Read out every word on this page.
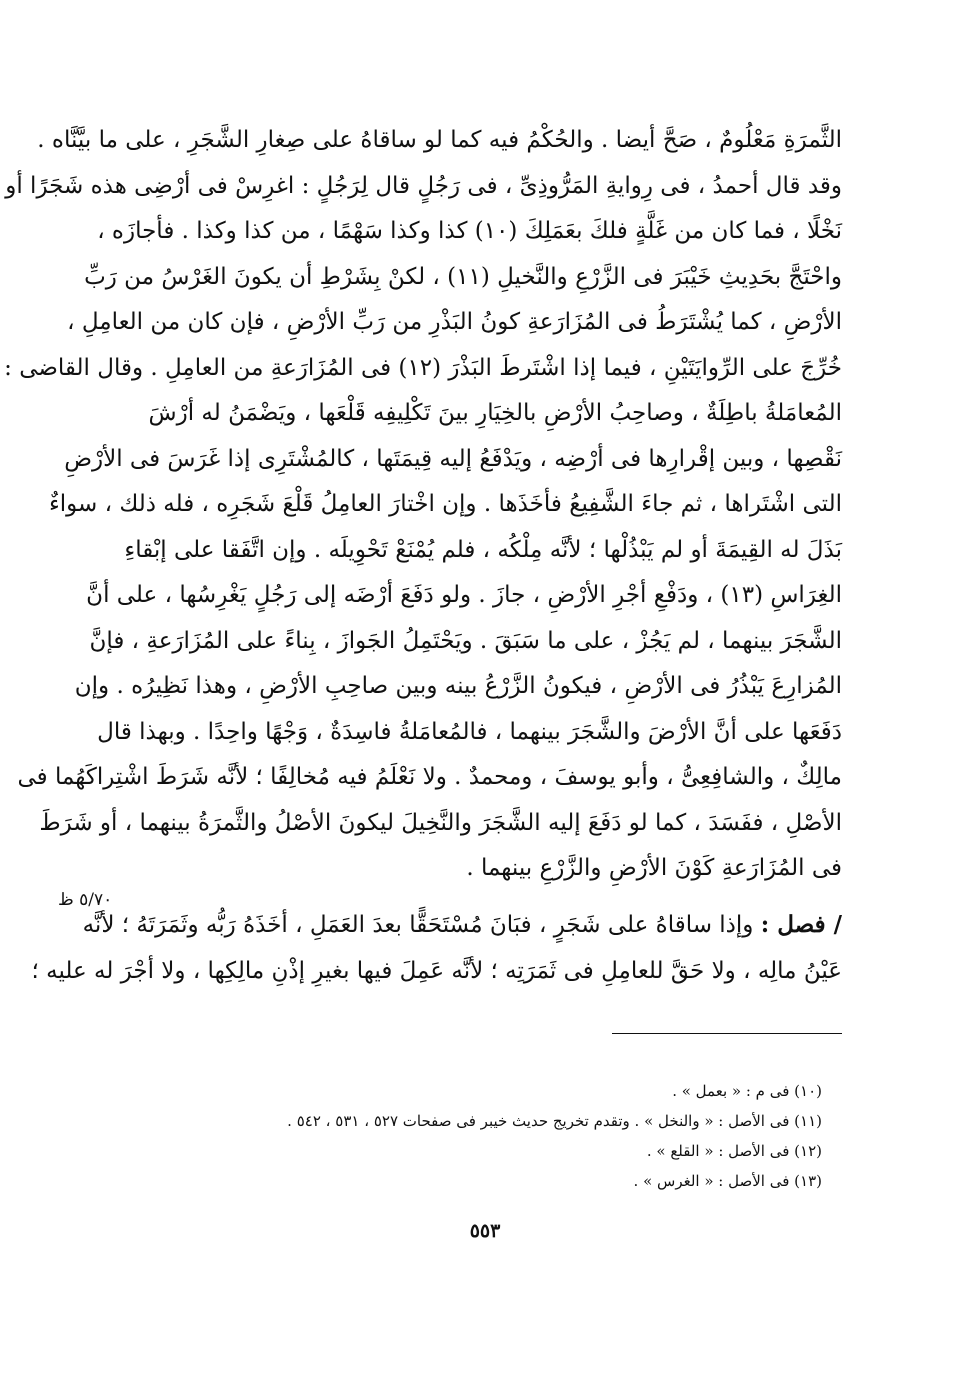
الثَّمرَةِ مَعْلُومٌ ، صَحَّ أيضا . والحُكْمُ فيه كما لو ساقاهُ على صِغارِ الشَّجَرِ ، على ما بيَّنَّاه .
وقد قال أحمدُ ، فى رِوايةِ المَرُّوذِىِّ ، فى رَجُلٍ قال لِرَجُلٍ : اغرِسْ فى أرْضِى هذه شَجَرًا أو
نَخْلًا ، فما كان من غَلَّةٍ فلكَ بعَمَلِكَ (١٠) كذا وكذا سَهْمًا ، من كذا وكذا . فأجازَه ،
واحْتَجَّ بحَدِيثِ خَيْبَرَ فى الزَّرْعِ والنَّخيلِ (١١) ، لكنْ بِشَرْطِ أن يكونَ الغَرْسُ من رَبِّ
الأرْضِ ، كما يُشْتَرَطُ فى المُزَارَعةِ كونُ البَذْرِ من رَبِّ الأرْضِ ، فإن كان من العامِلِ ،
خُرِّجَ على الرِّوايَتَيْنِ ، فيما إذا اشْتَرطَ البَذْرَ (١٢) فى المُزَارَعةِ من العامِلِ . وقال القاضى :
المُعامَلةُ باطِلَةٌ ، وصاحِبُ الأرْضِ بالخِيَارِ بينَ تَكْلِيفِه قَلْعَها ، ويَضْمَنُ له أرْشَ
نَقْصِها ، وبين إقْرارِها فى أرْضِه ، ويَدْفَعُ إليه قِيمَتَها ، كالمُشْتَرِى إذا غَرَسَ فى الأرْضِ
التى اشْتَراها ، ثم جاءَ الشَّفِيعُ فأخَذَها . وإن اخْتارَ العامِلُ قَلْعَ شَجَرِه ، فله ذلك ، سواءٌ
بَذَلَ له القِيمَةَ أو لم يَبْذُلْها ؛ لأنَّه مِلْكُه ، فلم يُمْنَعْ تَحْوِيلَه . وإن اتَّفَقا على إبْقاءِ
الغِرَاسِ (١٣) ، ودَفْعِ أجْرِ الأرْضِ ، جازَ . ولو دَفَعَ أرْضَه إلى رَجُلٍ يَغْرِسُها ، على أنَّ
الشَّجَرَ بينهما ، لم يَجُزْ ، على ما سَبَقَ . ويَحْتَمِلُ الجَوازَ ، بِناءً على المُزَارَعةِ ، فإنَّ
المُزارِعَ يَبْذُرُ فى الأرْضِ ، فيكونُ الزَّرْعُ بينه وبين صاحِبِ الأرْضِ ، وهذا نَظِيرُه . وإن
دَفَعَها على أنَّ الأرْضَ والشَّجَرَ بينهما ، فالمُعامَلةُ فاسِدَةٌ ، وَجْهًا واحِدًا . وبهذا قال
مالِكٌ ، والشافِعِىُّ ، وأبو يوسفَ ، ومحمدٌ . ولا نَعْلَمُ فيه مُخالِفًا ؛ لأنَّه شَرَطَ اشْتِراكَهُما فى
الأصْلِ ، ففَسَدَ ، كما لو دَفَعَ إليه الشَّجَرَ والنَّخِيلَ ليكونَ الأصْلُ والثَّمرَةُ بينهما ، أو شَرَطَ
فى المُزَارَعةِ كَوْنَ الأرْضِ والزَّرْعِ بينهما .
٥/٧٠ ظ
/ فصل : وإذا ساقاهُ على شَجَرٍ ، فبَانَ مُسْتَحَقًّا بعدَ العَمَلِ ، أخَذَهُ رَبُّه وثَمَرَتَهُ ؛ لأنَّه
عَيْنُ مالِه ، ولا حَقَّ للعامِلِ فى ثَمَرَتِه ؛ لأنَّه عَمِلَ فيها بغيرِ إذْنِ مالِكِها ، ولا أجْرَ له عليه ؛
(١٠) فى م : « بعمل » .
(١١) فى الأصل : « والنخل » . وتقدم تخريج حديث خيبر فى صفحات ٥٢٧ ، ٥٣١ ، ٥٤٢ .
(١٢) فى الأصل : « القلع » .
(١٣) فى الأصل : « الغرس » .
٥٥٣
